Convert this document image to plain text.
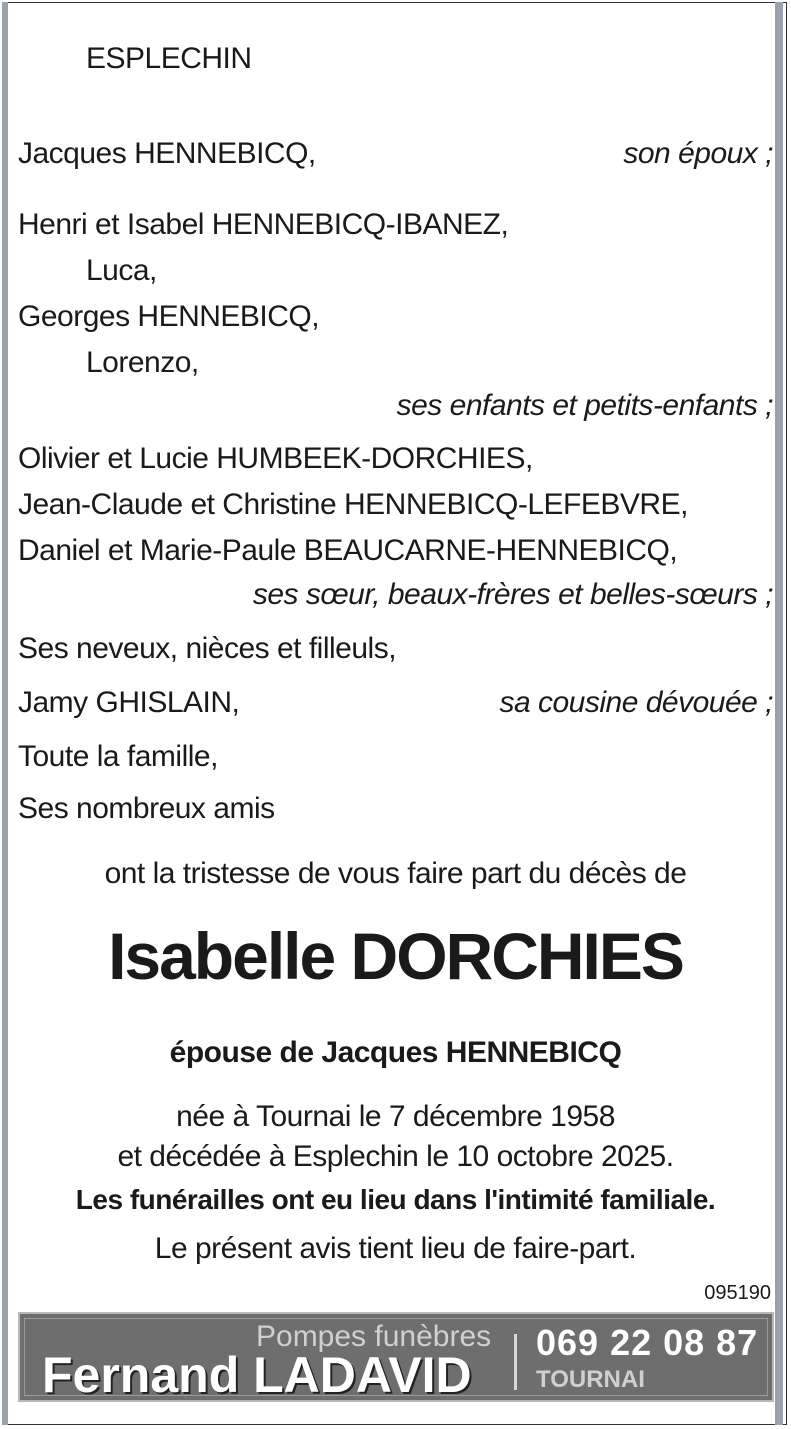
ESPLECHIN
Jacques HENNEBICQ,	son époux ;
Henri et Isabel HENNEBICQ-IBANEZ,
Luca,
Georges HENNEBICQ,
Lorenzo,
ses enfants et petits-enfants ;
Olivier et Lucie HUMBEEK-DORCHIES,
Jean-Claude et Christine HENNEBICQ-LEFEBVRE,
Daniel et Marie-Paule BEAUCARNE-HENNEBICQ,
ses sœur, beaux-frères et belles-sœurs ;
Ses neveux, nièces et filleuls,
Jamy GHISLAIN,	sa cousine dévouée ;
Toute la famille,
Ses nombreux amis
ont la tristesse de vous faire part du décès de
Isabelle DORCHIES
épouse de Jacques HENNEBICQ
née à Tournai le 7 décembre 1958
et décédée à Esplechin le 10 octobre 2025.
Les funérailles ont eu lieu dans l'intimité familiale.
Le présent avis tient lieu de faire-part.
095190
Pompes funèbres
Fernand LADAVID
069 22 08 87
TOURNAI
